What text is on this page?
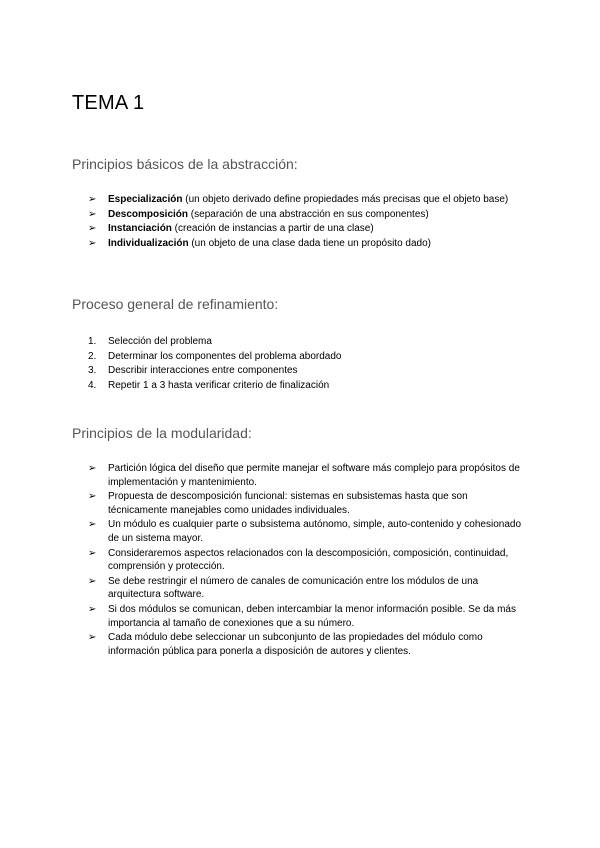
TEMA 1
Principios básicos de la abstracción:
➢ Especialización (un objeto derivado define propiedades más precisas que el objeto base)
➢ Descomposición (separación de una abstracción en sus componentes)
➢ Instanciación (creación de instancias a partir de una clase)
➢ Individualización (un objeto de una clase dada tiene un propósito dado)
Proceso general de refinamiento:
1. Selección del problema
2. Determinar los componentes del problema abordado
3. Describir interacciones entre componentes
4. Repetir 1 a 3 hasta verificar criterio de finalización
Principios de la modularidad:
➢ Partición lógica del diseño que permite manejar el software más complejo para propósitos de implementación y mantenimiento.
➢ Propuesta de descomposición funcional: sistemas en subsistemas hasta que son técnicamente manejables como unidades individuales.
➢ Un módulo es cualquier parte o subsistema autónomo, simple, auto-contenido y cohesionado de un sistema mayor.
➢ Consideraremos aspectos relacionados con la descomposición, composición, continuidad, comprensión y protección.
➢ Se debe restringir el número de canales de comunicación entre los módulos de una arquitectura software.
➢ Si dos módulos se comunican, deben intercambiar la menor información posible. Se da más importancia al tamaño de conexiones que a su número.
➢ Cada módulo debe seleccionar un subconjunto de las propiedades del módulo como información pública para ponerla a disposición de autores y clientes.
